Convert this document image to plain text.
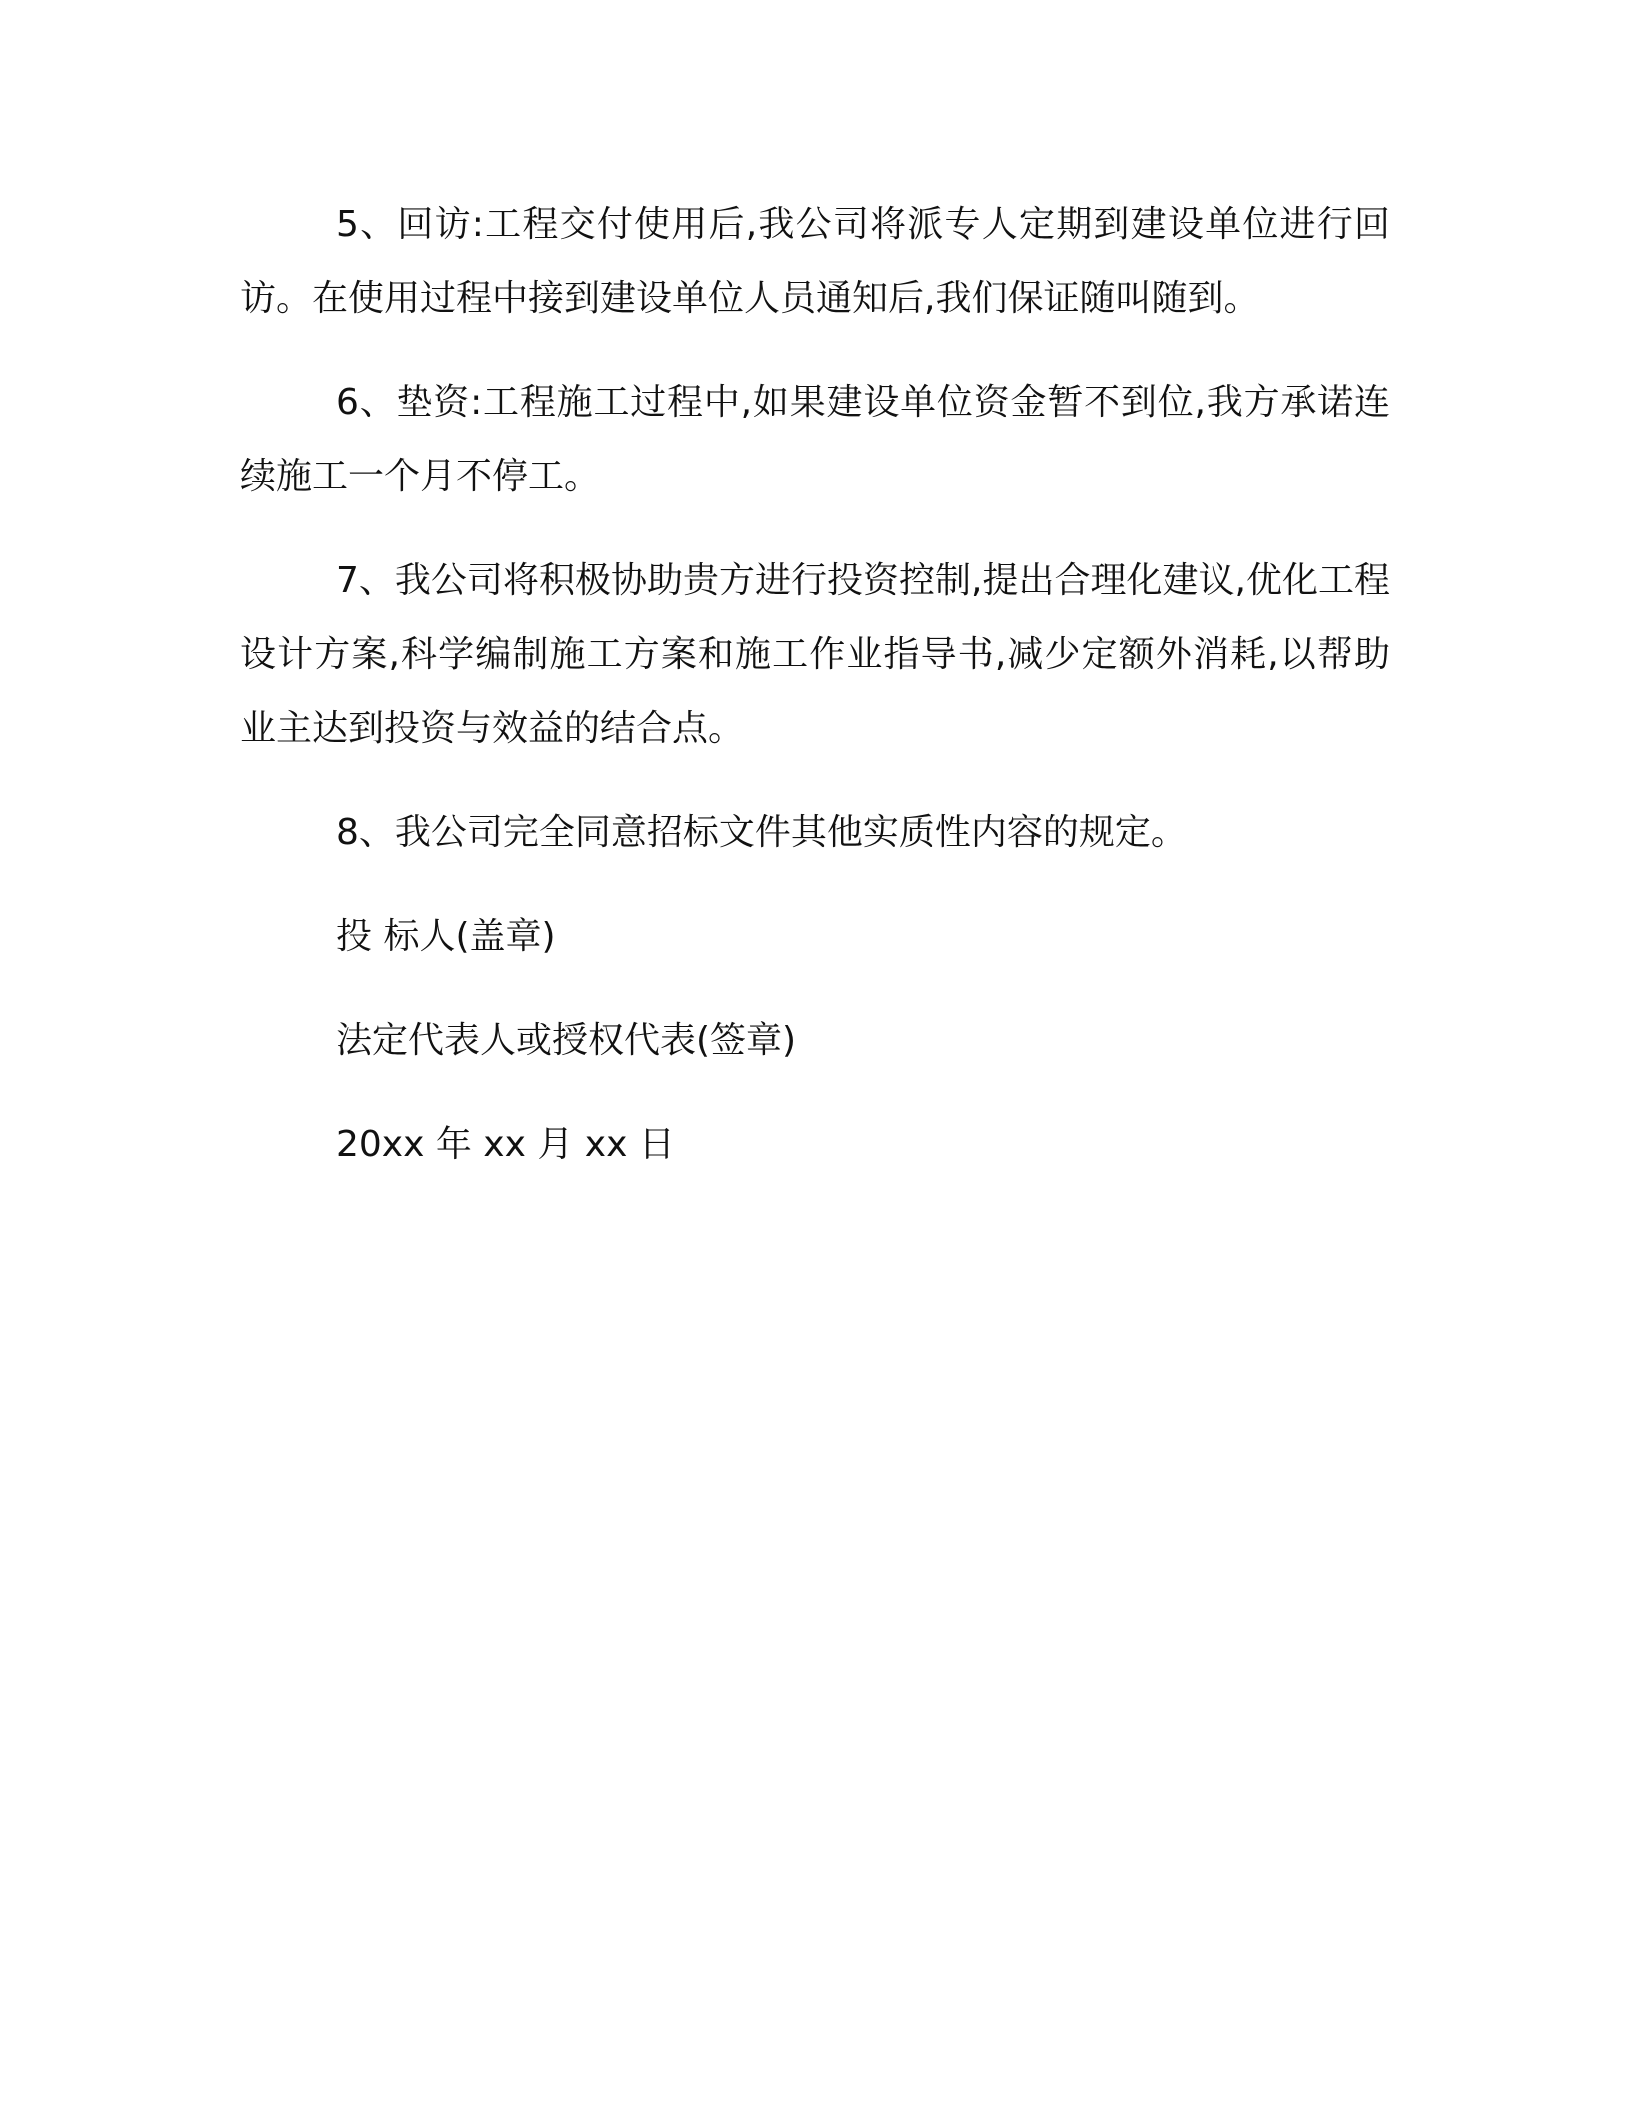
5、回访:工程交付使用后,我公司将派专人定期到建设单位进行回访。在使用过程中接到建设单位人员通知后,我们保证随叫随到。

6、垫资:工程施工过程中,如果建设单位资金暂不到位,我方承诺连续施工一个月不停工。

7、我公司将积极协助贵方进行投资控制,提出合理化建议,优化工程设计方案,科学编制施工方案和施工作业指导书,减少定额外消耗,以帮助业主达到投资与效益的结合点。

8、我公司完全同意招标文件其他实质性内容的规定。

投 标人(盖章)
法定代表人或授权代表(签章)
20xx 年 xx 月 xx 日
